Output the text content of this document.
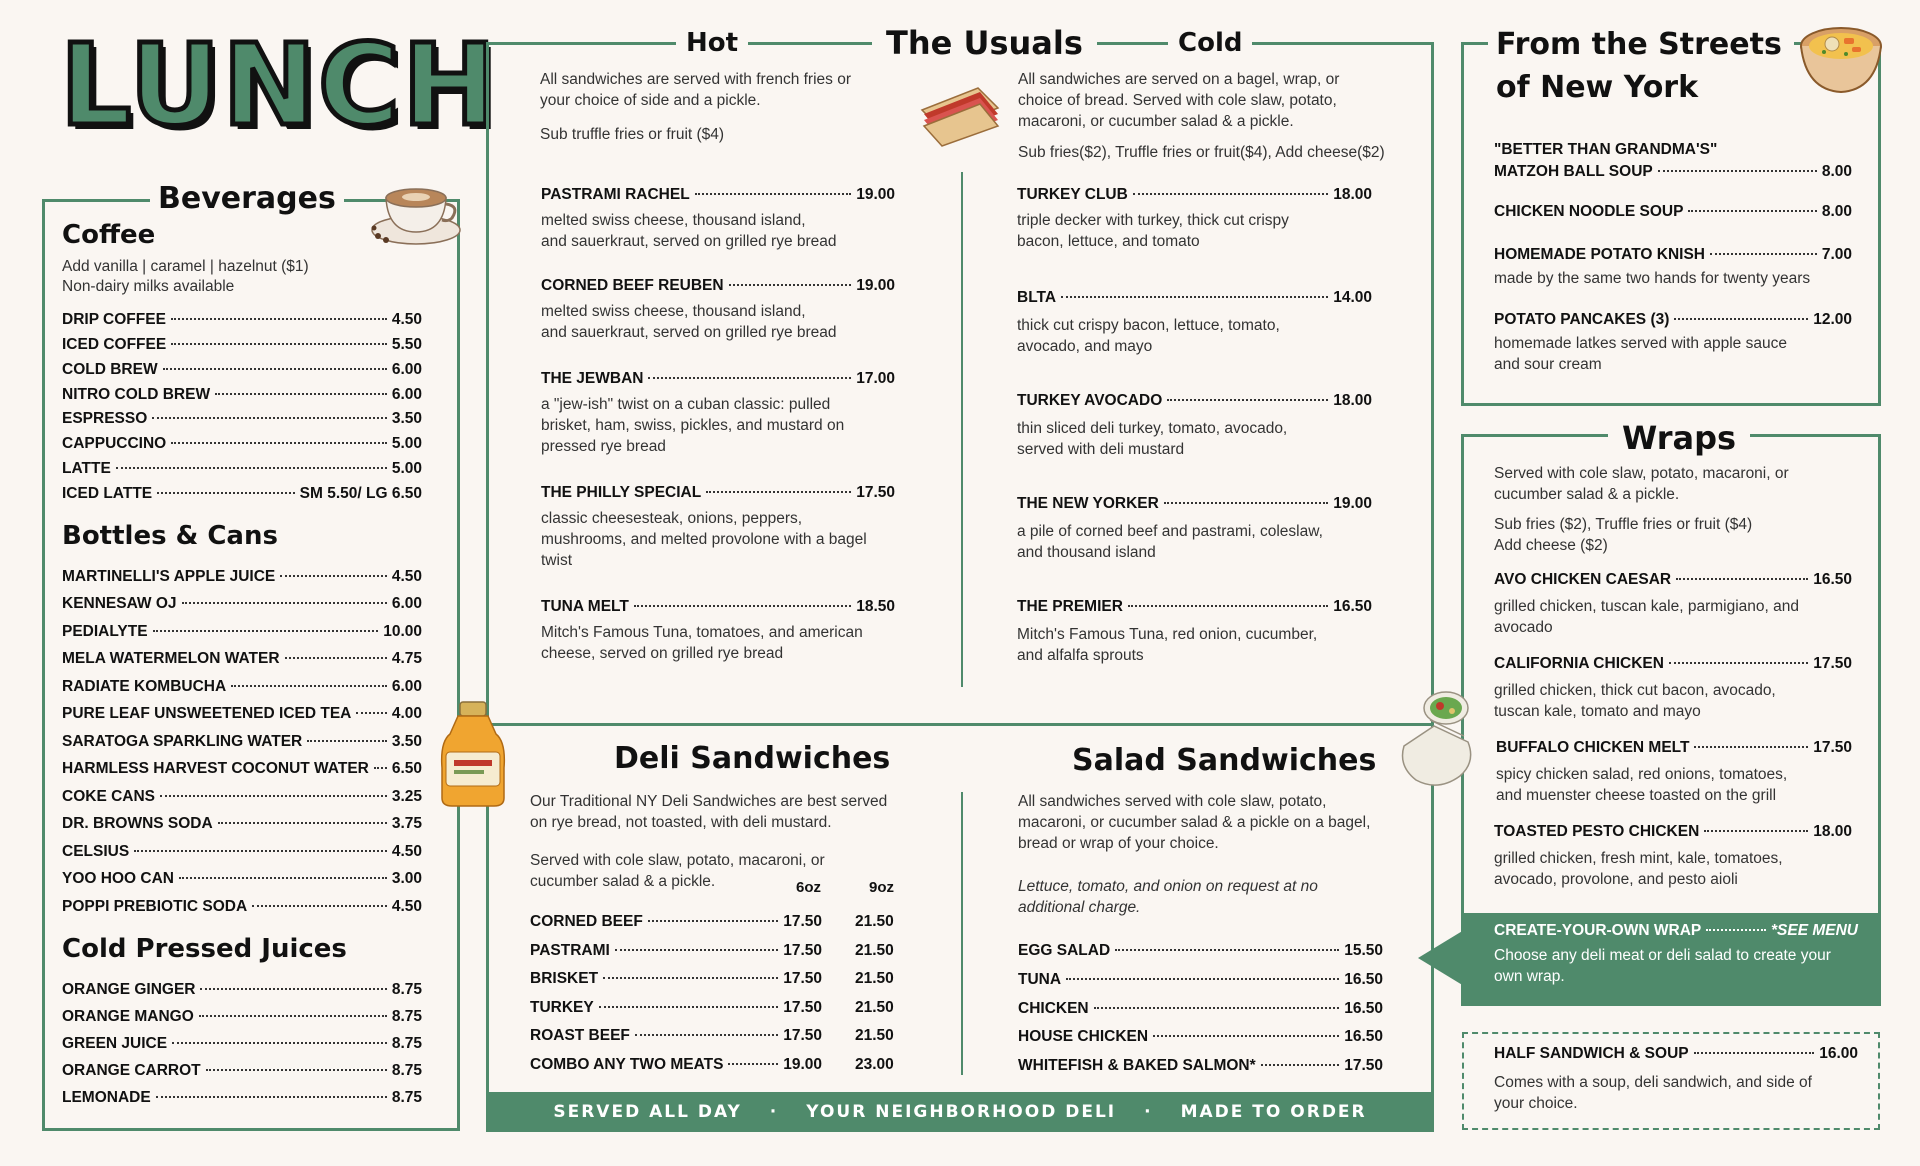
LUNCH
Beverages
Coffee
Add vanilla | caramel | hazelnut ($1)
Non-dairy milks available
DRIP COFFEE	4.50
ICED COFFEE	5.50
COLD BREW	6.00
NITRO COLD BREW	6.00
ESPRESSO	3.50
CAPPUCCINO	5.00
LATTE	5.00
ICED LATTE	SM 5.50/ LG 6.50
Bottles & Cans
MARTINELLI'S APPLE JUICE	4.50
KENNESAW OJ	6.00
PEDIALYTE	10.00
MELA WATERMELON WATER	4.75
RADIATE KOMBUCHA	6.00
PURE LEAF UNSWEETENED ICED TEA	4.00
SARATOGA SPARKLING WATER	3.50
HARMLESS HARVEST COCONUT WATER 6.50
COKE CANS	3.25
DR. BROWNS SODA	3.75
CELSIUS	4.50
YOO HOO CAN	3.00
POPPI PREBIOTIC SODA	4.50
Cold Pressed Juices
ORANGE GINGER	8.75
ORANGE MANGO	8.75
GREEN JUICE	8.75
ORANGE CARROT	8.75
LEMONADE	8.75
Hot	The Usuals	Cold
All sandwiches are served with french fries or
your choice of side and a pickle.
Sub truffle fries or fruit ($4)
All sandwiches are served on a bagel, wrap, or
choice of bread. Served with cole slaw, potato,
macaroni, or cucumber salad & a pickle.
Sub fries($2), Truffle fries or fruit($4), Add cheese($2)
PASTRAMI RACHEL	19.00
melted swiss cheese, thousand island,
and sauerkraut, served on grilled rye bread
CORNED BEEF REUBEN	19.00
melted swiss cheese, thousand island,
and sauerkraut, served on grilled rye bread
THE JEWBAN	17.00
a "jew-ish" twist on a cuban classic: pulled
brisket, ham, swiss, pickles, and mustard on
pressed rye bread
THE PHILLY SPECIAL	17.50
classic cheesesteak, onions, peppers,
mushrooms, and melted provolone with a bagel
twist
TUNA MELT	18.50
Mitch's Famous Tuna, tomatoes, and american
cheese, served on grilled rye bread
TURKEY CLUB	18.00
triple decker with turkey, thick cut crispy
bacon, lettuce, and tomato
BLTA	14.00
thick cut crispy bacon, lettuce, tomato,
avocado, and mayo
TURKEY AVOCADO	18.00
thin sliced deli turkey, tomato, avocado,
served with deli mustard
THE NEW YORKER	19.00
a pile of corned beef and pastrami, coleslaw,
and thousand island
THE PREMIER	16.50
Mitch's Famous Tuna, red onion, cucumber,
and alfalfa sprouts
Deli Sandwiches	Salad Sandwiches
Our Traditional NY Deli Sandwiches are best served
on rye bread, not toasted, with deli mustard.
Served with cole slaw, potato, macaroni, or
cucumber salad & a pickle.	6oz	9oz
CORNED BEEF	17.50 21.50
PASTRAMI	17.50 21.50
BRISKET	17.50 21.50
TURKEY	17.50 21.50
ROAST BEEF	17.50 21.50
COMBO ANY TWO MEATS	19.00 23.00
All sandwiches served with cole slaw, potato,
macaroni, or cucumber salad & a pickle on a bagel,
bread or wrap of your choice.
Lettuce, tomato, and onion on request at no
additional charge.
EGG SALAD	15.50
TUNA	16.50
CHICKEN	16.50
HOUSE CHICKEN	16.50
WHITEFISH & BAKED SALMON*	17.50
SERVED ALL DAY · YOUR NEIGHBORHOOD DELI · MADE TO ORDER
From the Streets
of New York
"BETTER THAN GRANDMA'S"
MATZOH BALL SOUP	8.00
CHICKEN NOODLE SOUP	8.00
HOMEMADE POTATO KNISH	7.00
made by the same two hands for twenty years
POTATO PANCAKES (3)	12.00
homemade latkes served with apple sauce
and sour cream
Wraps
Served with cole slaw, potato, macaroni, or
cucumber salad & a pickle.
Sub fries ($2), Truffle fries or fruit ($4)
Add cheese ($2)
AVO CHICKEN CAESAR	16.50
grilled chicken, tuscan kale, parmigiano, and
avocado
CALIFORNIA CHICKEN	17.50
grilled chicken, thick cut bacon, avocado,
tuscan kale, tomato and mayo
BUFFALO CHICKEN MELT	17.50
spicy chicken salad, red onions, tomatoes,
and muenster cheese toasted on the grill
TOASTED PESTO CHICKEN	18.00
grilled chicken, fresh mint, kale, tomatoes,
avocado, provolone, and pesto aioli
CREATE-YOUR-OWN WRAP	*SEE MENU
Choose any deli meat or deli salad to create your
own wrap.
HALF SANDWICH & SOUP	16.00
Comes with a soup, deli sandwich, and side of
your choice.
